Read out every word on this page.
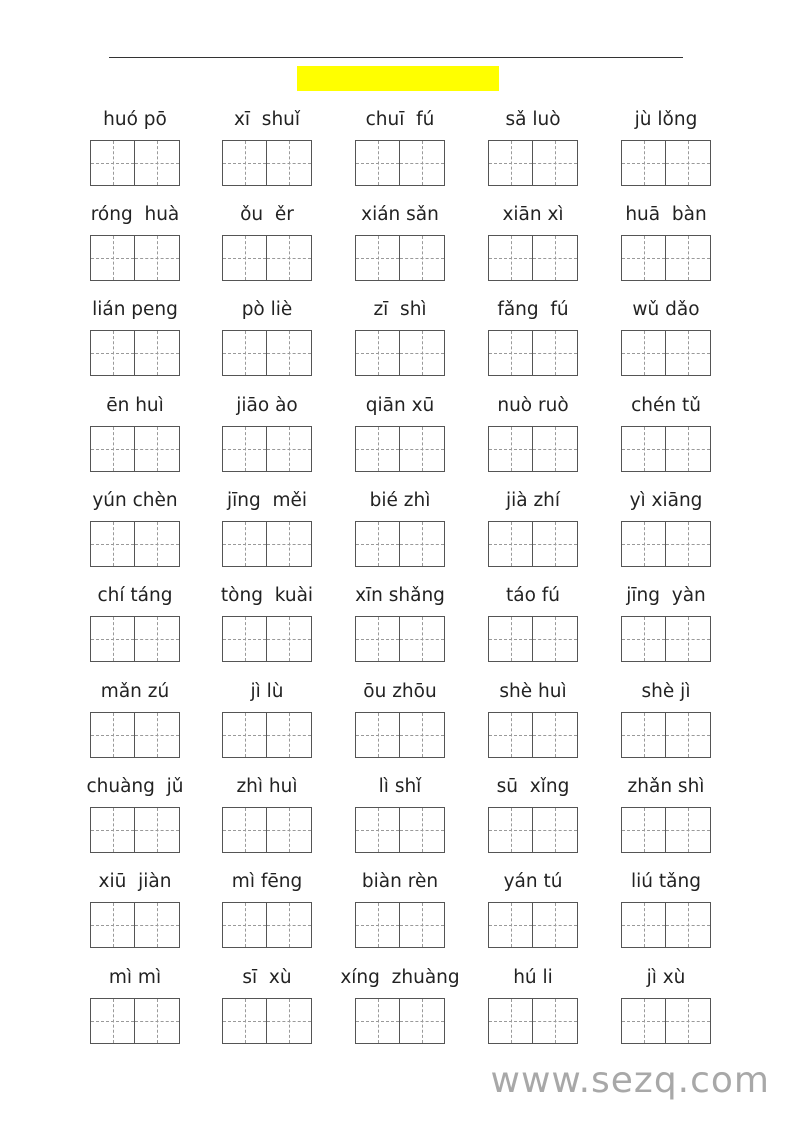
huó pō	xī  shuǐ	chuī  fú	sǎ luò	jù lǒng
róng  huà	ǒu  ěr	xián sǎn	xiān xì	huā  bàn
lián peng	pò liè	zī  shì	fǎng  fú	wǔ dǎo
ēn huì	jiāo ào	qiān xū	nuò ruò	chén tǔ
yún chèn	jīng  měi	bié zhì	jià zhí	yì xiāng
chí táng	tòng  kuài	xīn shǎng	táo fú	jīng  yàn
mǎn zú	jì lù	ōu zhōu	shè huì	shè jì
chuàng  jǔ	zhì huì	lì shǐ	sū  xǐng	zhǎn shì
xiū  jiàn	mì fēng	biàn rèn	yán tú	liú tǎng
mì mì	sī  xù	xíng  zhuàng	hú li	jì xù
www.sezq.com
